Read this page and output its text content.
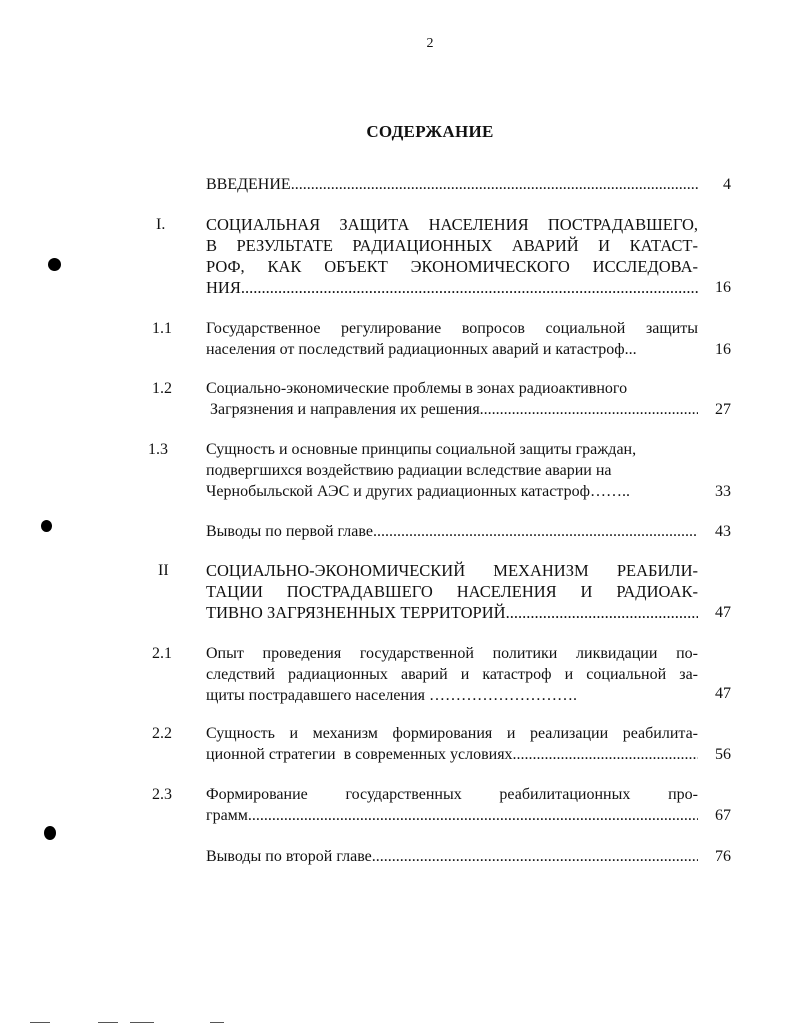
2
СОДЕРЖАНИЕ
ВВЕДЕНИЕ .....	4
I. СОЦИАЛЬНАЯ ЗАЩИТА НАСЕЛЕНИЯ ПОСТРАДАВШЕГО,
В РЕЗУЛЬТАТЕ РАДИАЦИОННЫХ АВАРИЙ И КАТАСТ-
РОФ, КАК ОБЪЕКТ ЭКОНОМИЧЕСКОГО ИССЛЕДОВА-
НИЯ .....	16
1.1 Государственное регулирование вопросов социальной защиты
населения от последствий радиационных аварий и катастроф...	16
1.2 Социально-экономические проблемы в зонах радиоактивного
Загрязнения и направления их решения .....	27
1.3 Сущность и основные принципы социальной защиты граждан,
подвергшихся воздействию радиации вследствие аварии на
Чернобыльской АЭС и других радиационных катастроф……..	33
Выводы по первой главе .....	43
II СОЦИАЛЬНО-ЭКОНОМИЧЕСКИЙ МЕХАНИЗМ РЕАБИЛИ-
ТАЦИИ ПОСТРАДАВШЕГО НАСЕЛЕНИЯ И РАДИОАК-
ТИВНО ЗАГРЯЗНЕННЫХ ТЕРРИТОРИЙ .....	47
2.1 Опыт проведения государственной политики ликвидации по-
следствий радиационных аварий и катастроф и социальной за-
щиты пострадавшего населения ……………………….	47
2.2 Сущность и механизм формирования и реализации реабилита-
ционной стратегии  в современных условиях .....	56
2.3 Формирование государственных реабилитационных про-
грамм .....	67
Выводы по второй главе .....	76
